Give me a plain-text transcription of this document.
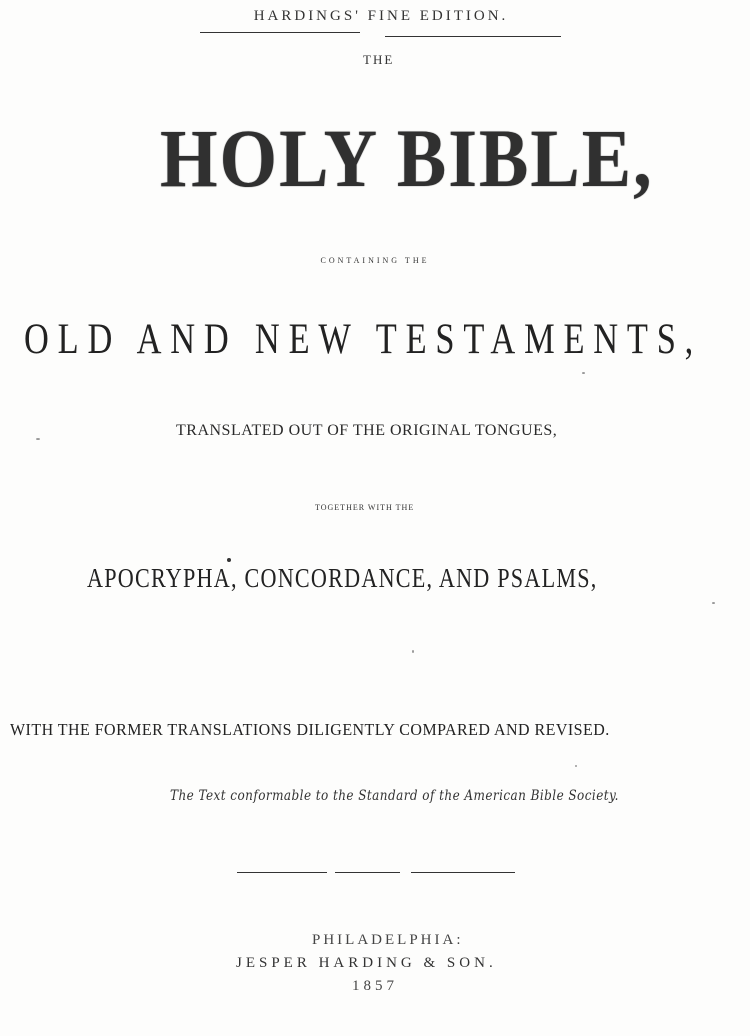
HARDINGS' FINE EDITION.
THE
HOLY BIBLE,
CONTAINING THE
OLD AND NEW TESTAMENTS,
TRANSLATED OUT OF THE ORIGINAL TONGUES,
TOGETHER WITH THE
APOCRYPHA, CONCORDANCE, AND PSALMS,
WITH THE FORMER TRANSLATIONS DILIGENTLY COMPARED AND REVISED.
The Text conformable to the Standard of the American Bible Society.
PHILADELPHIA:
JESPER HARDING & SON.
1857
